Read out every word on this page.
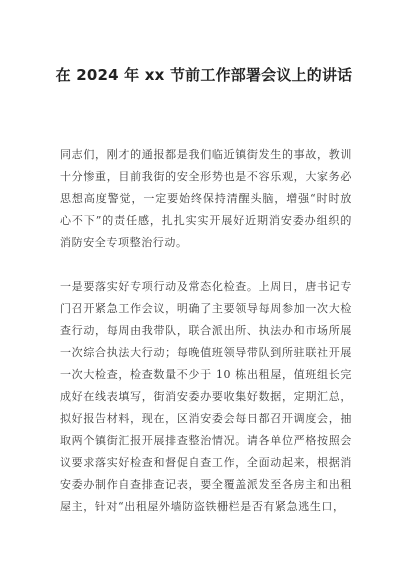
在 2024 年 xx 节前工作部署会议上的讲话

同志们，刚才的通报都是我们临近镇街发生的事故，教训十分惨重，目前我街的安全形势也是不容乐观，大家务必思想高度警觉，一定要始终保持清醒头脑，增强“时时放心不下”的责任感，扎扎实实开展好近期消安委办组织的消防安全专项整治行动。

一是要落实好专项行动及常态化检查。上周日，唐书记专门召开紧急工作会议，明确了主要领导每周参加一次大检查行动，每周由我带队，联合派出所、执法办和市场所展一次综合执法大行动；每晚值班领导带队到所驻联社开展一次大检查，检查数量不少于 10 栋出租屋，值班组长完成好在线表填写，街消安委办要收集好数据，定期汇总，拟好报告材料，现在，区消安委会每日都召开调度会，抽取两个镇街汇报开展排查整治情况。请各单位严格按照会议要求落实好检查和督促自查工作，全面动起来，根据消安委办制作自查排查记表，要全覆盖派发至各房主和出租屋主，针对“出租屋外墙防盗铁栅栏是否有紧急逃生口，
